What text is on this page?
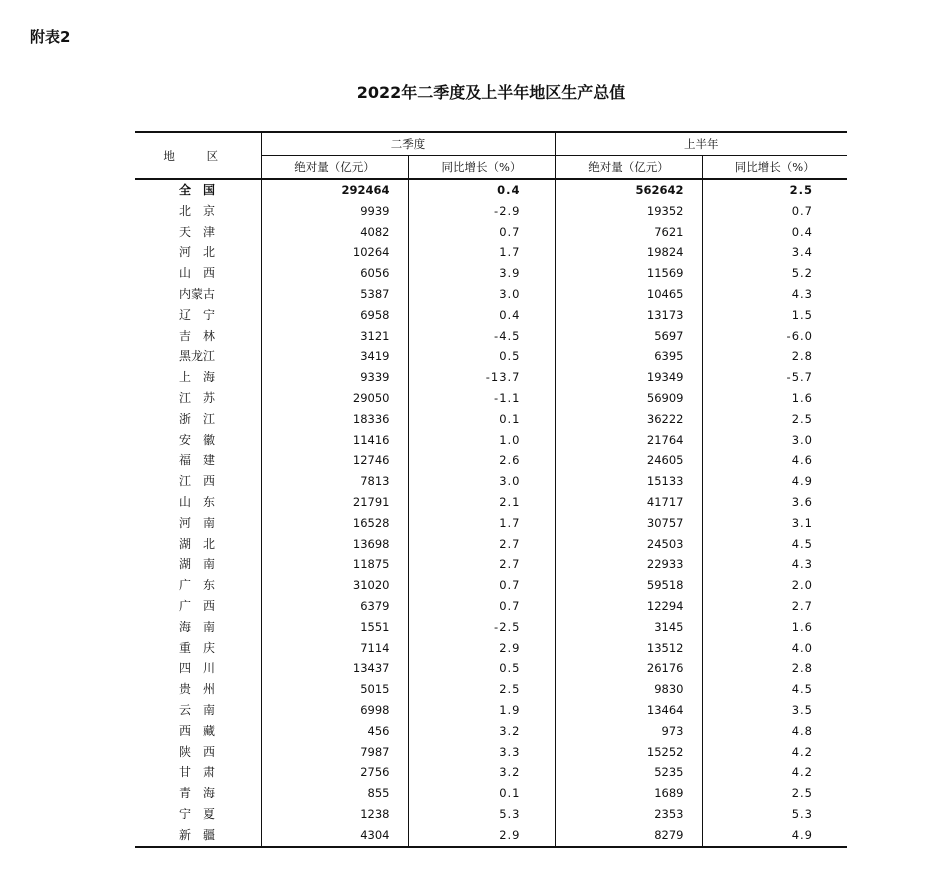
附表2
2022年二季度及上半年地区生产总值
地 区	二季度		上半年	
	绝对量（亿元）	同比增长（%）	绝对量（亿元）	同比增长（%）
全　国	292464	0.4	562642	2.5
北　京	9939	-2.9	19352	0.7
天　津	4082	0.7	7621	0.4
河　北	10264	1.7	19824	3.4
山　西	6056	3.9	11569	5.2
内蒙古	5387	3.0	10465	4.3
辽　宁	6958	0.4	13173	1.5
吉　林	3121	-4.5	5697	-6.0
黑龙江	3419	0.5	6395	2.8
上　海	9339	-13.7	19349	-5.7
江　苏	29050	-1.1	56909	1.6
浙　江	18336	0.1	36222	2.5
安　徽	11416	1.0	21764	3.0
福　建	12746	2.6	24605	4.6
江　西	7813	3.0	15133	4.9
山　东	21791	2.1	41717	3.6
河　南	16528	1.7	30757	3.1
湖　北	13698	2.7	24503	4.5
湖　南	11875	2.7	22933	4.3
广　东	31020	0.7	59518	2.0
广　西	6379	0.7	12294	2.7
海　南	1551	-2.5	3145	1.6
重　庆	7114	2.9	13512	4.0
四　川	13437	0.5	26176	2.8
贵　州	5015	2.5	9830	4.5
云　南	6998	1.9	13464	3.5
西　藏	456	3.2	973	4.8
陕　西	7987	3.3	15252	4.2
甘　肃	2756	3.2	5235	4.2
青　海	855	0.1	1689	2.5
宁　夏	1238	5.3	2353	5.3
新　疆	4304	2.9	8279	4.9
